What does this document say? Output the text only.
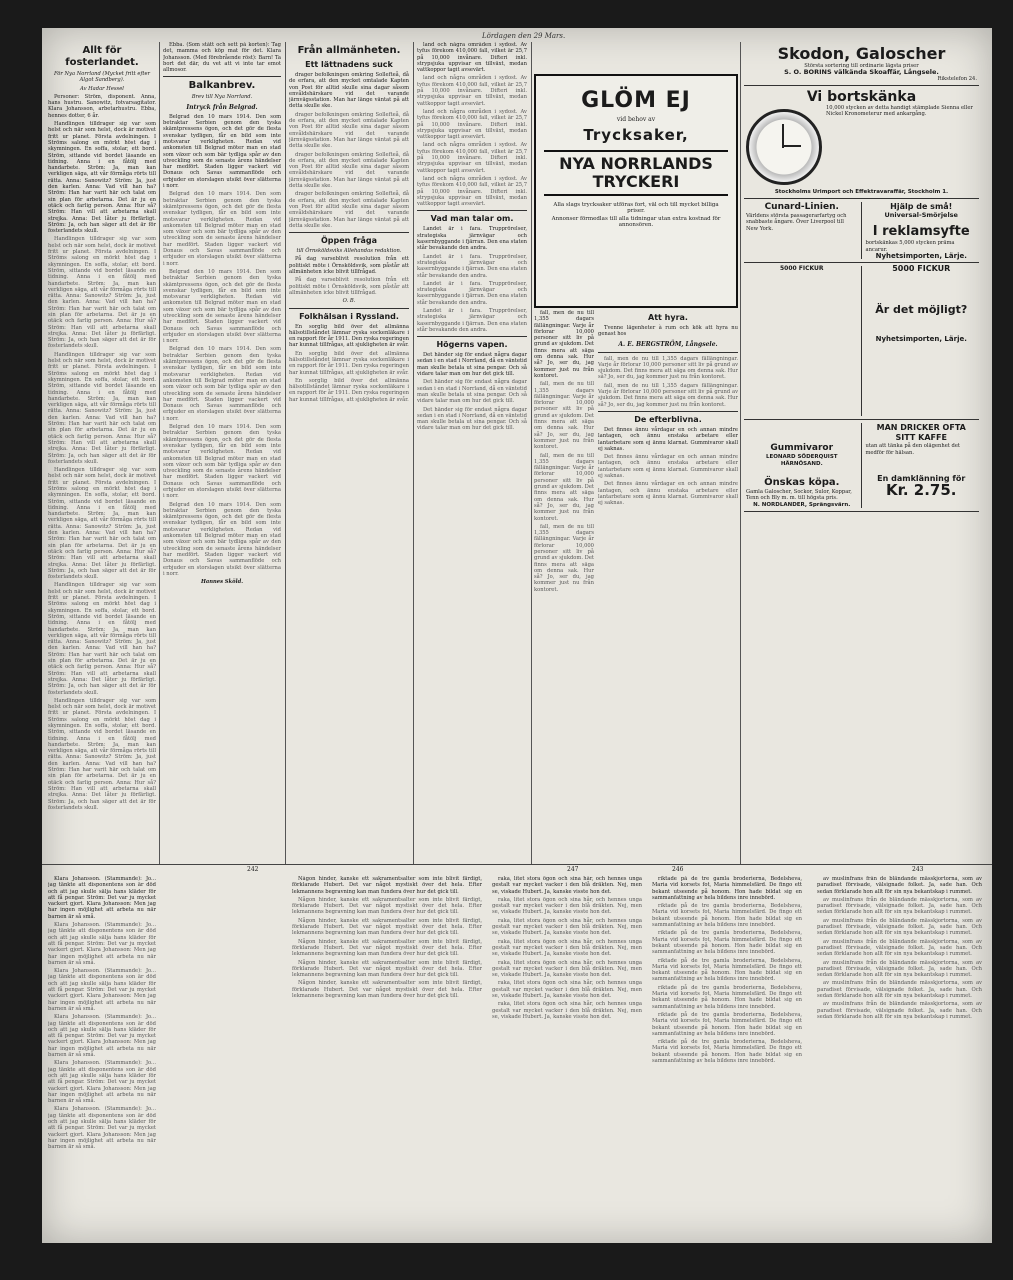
Lördagen den 29 Mars.
Allt för fosterlandet.
För Nya Norrland (Mycket fritt efter Algot Sandberg).
Av Hadar Hessel

Personer: Ström, disponent. Anna, hans hustru. Sanowitz, fotvarsagitator. Klara Johansson, arbetarhustru. Ebba, hennes dotter, 6 år.

Handlingen tilldrager sig var som helst och när som helst, dock är motivet fritt ur planet. Första avdelningen. I Ströms salong en mörkt höst dag i skymningen. En soffa, stolar, ett bord. Ström, sittande vid bordet läsande en tidning. Anna i en fåtölj med handarbete. Ström: Ja, man kan verkligen säga, att vår förmåga rörts till rätta. Anna: Sanowitz? Ström: Ja, just den karlen. Anna: Vad vill han ha? Ström: Han har varit här och talat om sin plan för arbetarna. Det är ju en otäck och farlig person. Anna: Hur så? Ström: Han vill att arbetarna skall strejka. Anna: Det låter ju förfärligt. Ström: Ja, och han säger att det är för fosterlandets skull.

Handlingen tilldrager sig var som helst och när som helst, dock är motivet fritt ur planet. Första avdelningen. I Ströms salong en mörkt höst dag i skymningen. En soffa, stolar, ett bord. Ström, sittande vid bordet läsande en tidning. Anna i en fåtölj med handarbete. Ström: Ja, man kan verkligen säga, att vår förmåga rörts till rätta. Anna: Sanowitz? Ström: Ja, just den karlen. Anna: Vad vill han ha? Ström: Han har varit här och talat om sin plan för arbetarna. Det är ju en otäck och farlig person. Anna: Hur så? Ström: Han vill att arbetarna skall strejka. Anna: Det låter ju förfärligt. Ström: Ja, och han säger att det är för fosterlandets skull.

Handlingen tilldrager sig var som helst och när som helst, dock är motivet fritt ur planet. Första avdelningen. I Ströms salong en mörkt höst dag i skymningen. En soffa, stolar, ett bord. Ström, sittande vid bordet läsande en tidning. Anna i en fåtölj med handarbete. Ström: Ja, man kan verkligen säga, att vår förmåga rörts till rätta. Anna: Sanowitz? Ström: Ja, just den karlen. Anna: Vad vill han ha? Ström: Han har varit här och talat om sin plan för arbetarna. Det är ju en otäck och farlig person. Anna: Hur så? Ström: Han vill att arbetarna skall strejka. Anna: Det låter ju förfärligt. Ström: Ja, och han säger att det är för fosterlandets skull.

Handlingen tilldrager sig var som helst och när som helst, dock är motivet fritt ur planet. Första avdelningen. I Ströms salong en mörkt höst dag i skymningen. En soffa, stolar, ett bord. Ström, sittande vid bordet läsande en tidning. Anna i en fåtölj med handarbete. Ström: Ja, man kan verkligen säga, att vår förmåga rörts till rätta. Anna: Sanowitz? Ström: Ja, just den karlen. Anna: Vad vill han ha? Ström: Han har varit här och talat om sin plan för arbetarna. Det är ju en otäck och farlig person. Anna: Hur så? Ström: Han vill att arbetarna skall strejka. Anna: Det låter ju förfärligt. Ström: Ja, och han säger att det är för fosterlandets skull.

Handlingen tilldrager sig var som helst och när som helst, dock är motivet fritt ur planet. Första avdelningen. I Ströms salong en mörkt höst dag i skymningen. En soffa, stolar, ett bord. Ström, sittande vid bordet läsande en tidning. Anna i en fåtölj med handarbete. Ström: Ja, man kan verkligen säga, att vår förmåga rörts till rätta. Anna: Sanowitz? Ström: Ja, just den karlen. Anna: Vad vill han ha? Ström: Han har varit här och talat om sin plan för arbetarna. Det är ju en otäck och farlig person. Anna: Hur så? Ström: Han vill att arbetarna skall strejka. Anna: Det låter ju förfärligt. Ström: Ja, och han säger att det är för fosterlandets skull.

Handlingen tilldrager sig var som helst och när som helst, dock är motivet fritt ur planet. Första avdelningen. I Ströms salong en mörkt höst dag i skymningen. En soffa, stolar, ett bord. Ström, sittande vid bordet läsande en tidning. Anna i en fåtölj med handarbete. Ström: Ja, man kan verkligen säga, att vår förmåga rörts till rätta. Anna: Sanowitz? Ström: Ja, just den karlen. Anna: Vad vill han ha? Ström: Han har varit här och talat om sin plan för arbetarna. Det är ju en otäck och farlig person. Anna: Hur så? Ström: Han vill att arbetarna skall strejka. Anna: Det låter ju förfärligt. Ström: Ja, och han säger att det är för fosterlandets skull.

Ebba. (Som stått och sett på korten): Tag det, mamma och köp mat för det. Klara Johansson. (Med förebrående röst): Barn! Ta bort det där, du vet att vi inte tar emot allmosor.

Balkanbrev.
Brev till Nya Norrland.
Intryck från Belgrad.

Belgrad den 10 mars 1914. Den som betraktar Serbien genom den tyska skämtpressens ögon, och det gör de flesta svenskar tydligen, får en bild som inte motsvarar verkligheten. Redan vid ankomsten till Belgrad möter man en stad som växer och som bär tydliga spår av den utveckling som de senaste årens händelser har medfört. Staden ligger vackert vid Donaus och Savas sammanflöde och erbjuder en storslagen utsikt över slätterna i norr.

Belgrad den 10 mars 1914. Den som betraktar Serbien genom den tyska skämtpressens ögon, och det gör de flesta svenskar tydligen, får en bild som inte motsvarar verkligheten. Redan vid ankomsten till Belgrad möter man en stad som växer och som bär tydliga spår av den utveckling som de senaste årens händelser har medfört. Staden ligger vackert vid Donaus och Savas sammanflöde och erbjuder en storslagen utsikt över slätterna i norr.

Belgrad den 10 mars 1914. Den som betraktar Serbien genom den tyska skämtpressens ögon, och det gör de flesta svenskar tydligen, får en bild som inte motsvarar verkligheten. Redan vid ankomsten till Belgrad möter man en stad som växer och som bär tydliga spår av den utveckling som de senaste årens händelser har medfört. Staden ligger vackert vid Donaus och Savas sammanflöde och erbjuder en storslagen utsikt över slätterna i norr.

Belgrad den 10 mars 1914. Den som betraktar Serbien genom den tyska skämtpressens ögon, och det gör de flesta svenskar tydligen, får en bild som inte motsvarar verkligheten. Redan vid ankomsten till Belgrad möter man en stad som växer och som bär tydliga spår av den utveckling som de senaste årens händelser har medfört. Staden ligger vackert vid Donaus och Savas sammanflöde och erbjuder en storslagen utsikt över slätterna i norr.

Belgrad den 10 mars 1914. Den som betraktar Serbien genom den tyska skämtpressens ögon, och det gör de flesta svenskar tydligen, får en bild som inte motsvarar verkligheten. Redan vid ankomsten till Belgrad möter man en stad som växer och som bär tydliga spår av den utveckling som de senaste årens händelser har medfört. Staden ligger vackert vid Donaus och Savas sammanflöde och erbjuder en storslagen utsikt över slätterna i norr.

Belgrad den 10 mars 1914. Den som betraktar Serbien genom den tyska skämtpressens ögon, och det gör de flesta svenskar tydligen, får en bild som inte motsvarar verkligheten. Redan vid ankomsten till Belgrad möter man en stad som växer och som bär tydliga spår av den utveckling som de senaste årens händelser har medfört. Staden ligger vackert vid Donaus och Savas sammanflöde och erbjuder en storslagen utsikt över slätterna i norr.

Hannes Sköld.
Från allmänheten.
Ett lättnadens suck

drager befolkningen omkring Sollefteå, då de erfara, att den mycket omtalade Kapten von Post för alltid skulle sina dagar såsom envåldshärskare vid det varande järnvägsstation. Man har länge väntat på att detta skulle ske.

drager befolkningen omkring Sollefteå, då de erfara, att den mycket omtalade Kapten von Post för alltid skulle sina dagar såsom envåldshärskare vid det varande järnvägsstation. Man har länge väntat på att detta skulle ske.

drager befolkningen omkring Sollefteå, då de erfara, att den mycket omtalade Kapten von Post för alltid skulle sina dagar såsom envåldshärskare vid det varande järnvägsstation. Man har länge väntat på att detta skulle ske.

drager befolkningen omkring Sollefteå, då de erfara, att den mycket omtalade Kapten von Post för alltid skulle sina dagar såsom envåldshärskare vid det varande järnvägsstation. Man har länge väntat på att detta skulle ske.

Öppen fråga
till Örnsköldsviks Allehandas redaktion.

På dag varseblivit resolution från ett politiskt möte i Örnsköldsvik, som påstår att allmänheten icke blivit tillfrågad.

På dag varseblivit resolution från ett politiskt möte i Örnsköldsvik, som påstår att allmänheten icke blivit tillfrågad.

O. B.
Folkhälsan i Ryssland.

En sorglig bild över det allmänna hälsotillståndet lämnar ryska sockenläkare i en rapport för år 1911. Den ryska regeringen har kunnat tillfrågas, att sjukligheten är svår.

En sorglig bild över det allmänna hälsotillståndet lämnar ryska sockenläkare i en rapport för år 1911. Den ryska regeringen har kunnat tillfrågas, att sjukligheten är svår.

En sorglig bild över det allmänna hälsotillståndet lämnar ryska sockenläkare i en rapport för år 1911. Den ryska regeringen har kunnat tillfrågas, att sjukligheten är svår.

land och några områden i sydost. Av tyfus förekom 410,000 fall, vilket är 25,7 på 10,000 invånare. Difteri inkl. strypsjuka uppvisar en tillväxt, medan vattkoppor tagit avsevärt.

land och några områden i sydost. Av tyfus förekom 410,000 fall, vilket är 25,7 på 10,000 invånare. Difteri inkl. strypsjuka uppvisar en tillväxt, medan vattkoppor tagit avsevärt.

land och några områden i sydost. Av tyfus förekom 410,000 fall, vilket är 25,7 på 10,000 invånare. Difteri inkl. strypsjuka uppvisar en tillväxt, medan vattkoppor tagit avsevärt.

land och några områden i sydost. Av tyfus förekom 410,000 fall, vilket är 25,7 på 10,000 invånare. Difteri inkl. strypsjuka uppvisar en tillväxt, medan vattkoppor tagit avsevärt.

land och några områden i sydost. Av tyfus förekom 410,000 fall, vilket är 25,7 på 10,000 invånare. Difteri inkl. strypsjuka uppvisar en tillväxt, medan vattkoppor tagit avsevärt.

Vad man talar om.

Landet är i fara. Trupprörelser, strategiska järnvägar och kasernbyggande i fjärran. Den ena staten står bevakande den andra.

Landet är i fara. Trupprörelser, strategiska järnvägar och kasernbyggande i fjärran. Den ena staten står bevakande den andra.

Landet är i fara. Trupprörelser, strategiska järnvägar och kasernbyggande i fjärran. Den ena staten står bevakande den andra.

Landet är i fara. Trupprörelser, strategiska järnvägar och kasernbyggande i fjärran. Den ena staten står bevakande den andra.

Högerns vapen.

Det händer sig för endast några dagar sedan i en stad i Norrland, då en väntetid man skulle betala ut sina pengar. Och så vidare talar man om hur det gick till.

Det händer sig för endast några dagar sedan i en stad i Norrland, då en väntetid man skulle betala ut sina pengar. Och så vidare talar man om hur det gick till.

Det händer sig för endast några dagar sedan i en stad i Norrland, då en väntetid man skulle betala ut sina pengar. Och så vidare talar man om hur det gick till.

GLÖM EJ
vid behov av
Trycksaker,
NYA NORRLANDS TRYCKERI
Alla slags trycksaker utföras fort, väl och till mycket billiga priser.
Annonser förmedlas till alla tidningar utan extra kostnad för annonsören.

fall, men de nu till 1,355 dagars fällängningar. Varje år förlorar 10,000 personer sitt liv på grund av sjukdom. Det finns mera att säga om denna sak. Hur så? Jo, ser du, jag kommer just nu från kontoret.

fall, men de nu till 1,355 dagars fällängningar. Varje år förlorar 10,000 personer sitt liv på grund av sjukdom. Det finns mera att säga om denna sak. Hur så? Jo, ser du, jag kommer just nu från kontoret.

fall, men de nu till 1,355 dagars fällängningar. Varje år förlorar 10,000 personer sitt liv på grund av sjukdom. Det finns mera att säga om denna sak. Hur så? Jo, ser du, jag kommer just nu från kontoret.

fall, men de nu till 1,355 dagars fällängningar. Varje år förlorar 10,000 personer sitt liv på grund av sjukdom. Det finns mera att säga om denna sak. Hur så? Jo, ser du, jag kommer just nu från kontoret.

Att hyra.

Tvenne lägenheter à rum och kök att hyra nu genast hos

A. E. BERGSTRÖM, Långsele.

fall, men de nu till 1,355 dagars fällängningar. Varje år förlorar 10,000 personer sitt liv på grund av sjukdom. Det finns mera att säga om denna sak. Hur så? Jo, ser du, jag kommer just nu från kontoret.

fall, men de nu till 1,355 dagars fällängningar. Varje år förlorar 10,000 personer sitt liv på grund av sjukdom. Det finns mera att säga om denna sak. Hur så? Jo, ser du, jag kommer just nu från kontoret.

De efterblivna.

Det finnes ännu vårdagar en och annan mindre lantagen, och ännu enstaka arbetare eller lantarbetare som ej ännu klarnat. Gummivaror skall ej saknas.

Det finnes ännu vårdagar en och annan mindre lantagen, och ännu enstaka arbetare eller lantarbetare som ej ännu klarnat. Gummivaror skall ej saknas.

Det finnes ännu vårdagar en och annan mindre lantagen, och ännu enstaka arbetare eller lantarbetare som ej ännu klarnat. Gummivaror skall ej saknas.

Skodon, Galoscher
Största sortering till ordinarie lägsta priser
S. O. BORINS välkända Skoaffär, Långsele.
Rikstelefon 24.
Vi bortskänka
10,000 stycken av detta handigt stämplade Sienna eller Nickel Kronometerur med ankargång.
Stockholms Urimport och Effektravaraffär, Stockholm 1.
Cunard-Linien.
Världens största passagerarfartyg och snabbaste ångare. Över Liverpool till New York.
Hjälp de små!
Universal-Smörjelse
I reklamsyfte
bortskänkas 5,000 stycken präma ancarur.
Nyhetsimporten, Lärje.
5000 FICKUR	5000 FICKUR
Är det möjligt?
Nyhetsimporten, Lärje.
Gummivaror
LEONARD SÖDERQUIST HÄRNÖSAND.
Önskas köpa.
Gamla Galoscher, Sockor, Sulor, Koppar, Tenn och Bly m. m. till högsta pris.
N. NORDLANDER, Sprängsvärn.
MAN DRICKER OFTA SITT KAFFE
utan att tänka på den olägenhet det medför för hälsan.
En damklänning för
Kr. 2.75.
242	247	246	243

Klara Johansson. (Stammande): Jo... jag tänkte att disponentens son är död och att jag skulle sälja hans kläder för att få pengar. Ström: Det var ju mycket vackert gjort. Klara Johansson: Men jag har ingen möjlighet att arbeta nu när barnen är så små.

Klara Johansson. (Stammande): Jo... jag tänkte att disponentens son är död och att jag skulle sälja hans kläder för att få pengar. Ström: Det var ju mycket vackert gjort. Klara Johansson: Men jag har ingen möjlighet att arbeta nu när barnen är så små.

Klara Johansson. (Stammande): Jo... jag tänkte att disponentens son är död och att jag skulle sälja hans kläder för att få pengar. Ström: Det var ju mycket vackert gjort. Klara Johansson: Men jag har ingen möjlighet att arbeta nu när barnen är så små.

Klara Johansson. (Stammande): Jo... jag tänkte att disponentens son är död och att jag skulle sälja hans kläder för att få pengar. Ström: Det var ju mycket vackert gjort. Klara Johansson: Men jag har ingen möjlighet att arbeta nu när barnen är så små.

Klara Johansson. (Stammande): Jo... jag tänkte att disponentens son är död och att jag skulle sälja hans kläder för att få pengar. Ström: Det var ju mycket vackert gjort. Klara Johansson: Men jag har ingen möjlighet att arbeta nu när barnen är så små.

Klara Johansson. (Stammande): Jo... jag tänkte att disponentens son är död och att jag skulle sälja hans kläder för att få pengar. Ström: Det var ju mycket vackert gjort. Klara Johansson: Men jag har ingen möjlighet att arbeta nu när barnen är så små.

Någon hinder, kanske ett sakramentsalter som inte blivit färdigt, förklarade Hubert. Det var något mystiskt över det hela. Efter lekmannens begravning kan man fundera över hur det gick till.

Någon hinder, kanske ett sakramentsalter som inte blivit färdigt, förklarade Hubert. Det var något mystiskt över det hela. Efter lekmannens begravning kan man fundera över hur det gick till.

Någon hinder, kanske ett sakramentsalter som inte blivit färdigt, förklarade Hubert. Det var något mystiskt över det hela. Efter lekmannens begravning kan man fundera över hur det gick till.

Någon hinder, kanske ett sakramentsalter som inte blivit färdigt, förklarade Hubert. Det var något mystiskt över det hela. Efter lekmannens begravning kan man fundera över hur det gick till.

Någon hinder, kanske ett sakramentsalter som inte blivit färdigt, förklarade Hubert. Det var något mystiskt över det hela. Efter lekmannens begravning kan man fundera över hur det gick till.

Någon hinder, kanske ett sakramentsalter som inte blivit färdigt, förklarade Hubert. Det var något mystiskt över det hela. Efter lekmannens begravning kan man fundera över hur det gick till.

raka, litet stora ögon och sina hår, och hennes unga gestalt var mycket vacker i den blå dräkten. Nej, men se, viskade Hubert. Ja, kanske visste hon det.

raka, litet stora ögon och sina hår, och hennes unga gestalt var mycket vacker i den blå dräkten. Nej, men se, viskade Hubert. Ja, kanske visste hon det.

raka, litet stora ögon och sina hår, och hennes unga gestalt var mycket vacker i den blå dräkten. Nej, men se, viskade Hubert. Ja, kanske visste hon det.

raka, litet stora ögon och sina hår, och hennes unga gestalt var mycket vacker i den blå dräkten. Nej, men se, viskade Hubert. Ja, kanske visste hon det.

raka, litet stora ögon och sina hår, och hennes unga gestalt var mycket vacker i den blå dräkten. Nej, men se, viskade Hubert. Ja, kanske visste hon det.

raka, litet stora ögon och sina hår, och hennes unga gestalt var mycket vacker i den blå dräkten. Nej, men se, viskade Hubert. Ja, kanske visste hon det.

raka, litet stora ögon och sina hår, och hennes unga gestalt var mycket vacker i den blå dräkten. Nej, men se, viskade Hubert. Ja, kanske visste hon det.

riktade på de tre gamla broderierna, Bedelsheva, Maria vid korsets fot, Maria himmelsfärd. De fingo ett bekant utseende på honom. Hon hade bildat sig en sammanfattning av hela bildens inre innebörd.

riktade på de tre gamla broderierna, Bedelsheva, Maria vid korsets fot, Maria himmelsfärd. De fingo ett bekant utseende på honom. Hon hade bildat sig en sammanfattning av hela bildens inre innebörd.

riktade på de tre gamla broderierna, Bedelsheva, Maria vid korsets fot, Maria himmelsfärd. De fingo ett bekant utseende på honom. Hon hade bildat sig en sammanfattning av hela bildens inre innebörd.

riktade på de tre gamla broderierna, Bedelsheva, Maria vid korsets fot, Maria himmelsfärd. De fingo ett bekant utseende på honom. Hon hade bildat sig en sammanfattning av hela bildens inre innebörd.

riktade på de tre gamla broderierna, Bedelsheva, Maria vid korsets fot, Maria himmelsfärd. De fingo ett bekant utseende på honom. Hon hade bildat sig en sammanfattning av hela bildens inre innebörd.

riktade på de tre gamla broderierna, Bedelsheva, Maria vid korsets fot, Maria himmelsfärd. De fingo ett bekant utseende på honom. Hon hade bildat sig en sammanfattning av hela bildens inre innebörd.

riktade på de tre gamla broderierna, Bedelsheva, Maria vid korsets fot, Maria himmelsfärd. De fingo ett bekant utseende på honom. Hon hade bildat sig en sammanfattning av hela bildens inre innebörd.

av muslinfrans från de bländande mässkjortorna, som av paradiset förvisade, välsignade folket. Ja, sade han. Och sedan förklarade hon allt för sin nya bekantskap i rummet.

av muslinfrans från de bländande mässkjortorna, som av paradiset förvisade, välsignade folket. Ja, sade han. Och sedan förklarade hon allt för sin nya bekantskap i rummet.

av muslinfrans från de bländande mässkjortorna, som av paradiset förvisade, välsignade folket. Ja, sade han. Och sedan förklarade hon allt för sin nya bekantskap i rummet.

av muslinfrans från de bländande mässkjortorna, som av paradiset förvisade, välsignade folket. Ja, sade han. Och sedan förklarade hon allt för sin nya bekantskap i rummet.

av muslinfrans från de bländande mässkjortorna, som av paradiset förvisade, välsignade folket. Ja, sade han. Och sedan förklarade hon allt för sin nya bekantskap i rummet.

av muslinfrans från de bländande mässkjortorna, som av paradiset förvisade, välsignade folket. Ja, sade han. Och sedan förklarade hon allt för sin nya bekantskap i rummet.

av muslinfrans från de bländande mässkjortorna, som av paradiset förvisade, välsignade folket. Ja, sade han. Och sedan förklarade hon allt för sin nya bekantskap i rummet.
